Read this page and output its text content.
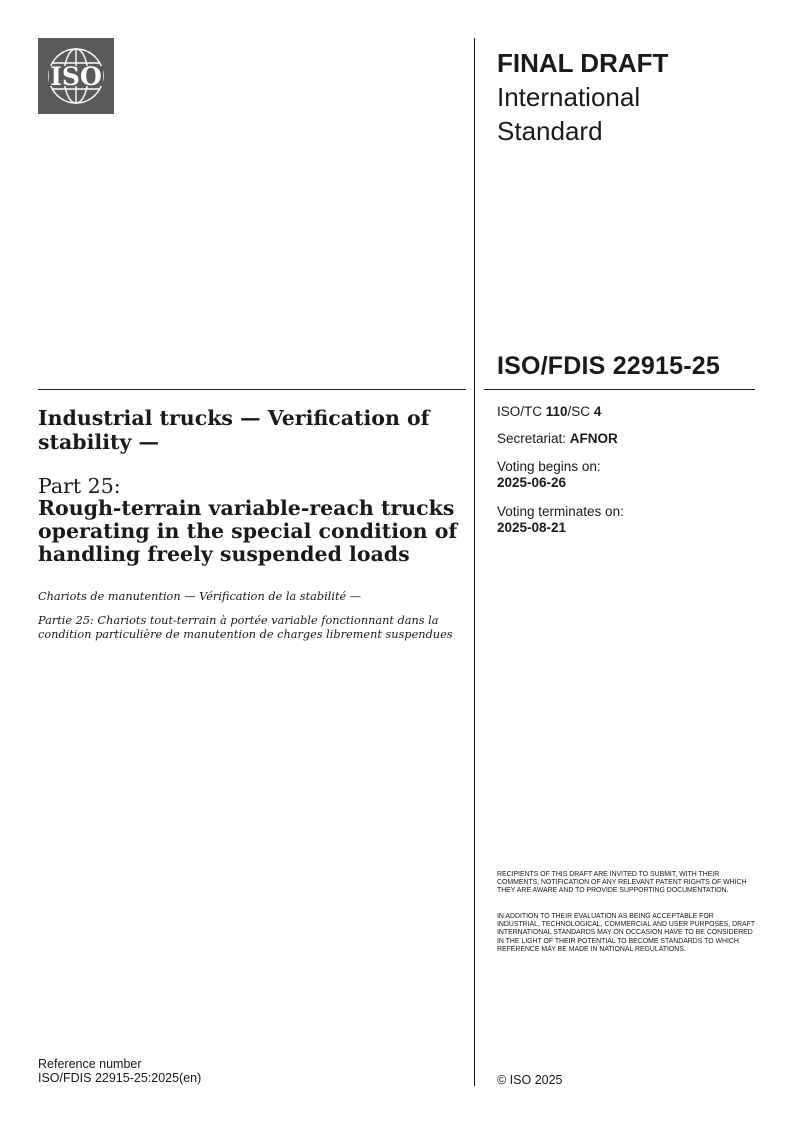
ISO	FINAL DRAFT
International
Standard
ISO/FDIS 22915-25
ISO/TC 110/SC 4
Secretariat: AFNOR
Voting begins on:
2025-06-26
Voting terminates on:
2025-08-21
Industrial trucks — Verification of stability —
Part 25:
Rough-terrain variable-reach trucks operating in the special condition of handling freely suspended loads
Chariots de manutention — Vérification de la stabilité —
Partie 25: Chariots tout-terrain à portée variable fonctionnant dans la condition particulière de manutention de charges librement suspendues
RECIPIENTS OF THIS DRAFT ARE INVITED TO SUBMIT, WITH THEIR COMMENTS, NOTIFICATION OF ANY RELEVANT PATENT RIGHTS OF WHICH THEY ARE AWARE AND TO PROVIDE SUPPORTING DOCUMENTATION.
IN ADDITION TO THEIR EVALUATION AS BEING ACCEPTABLE FOR INDUSTRIAL, TECHNOLOGICAL, COMMERCIAL AND USER PURPOSES, DRAFT INTERNATIONAL STANDARDS MAY ON OCCASION HAVE TO BE CONSIDERED IN THE LIGHT OF THEIR POTENTIAL TO BECOME STANDARDS TO WHICH REFERENCE MAY BE MADE IN NATIONAL REGULATIONS.
Reference number
ISO/FDIS 22915-25:2025(en)	© ISO 2025
